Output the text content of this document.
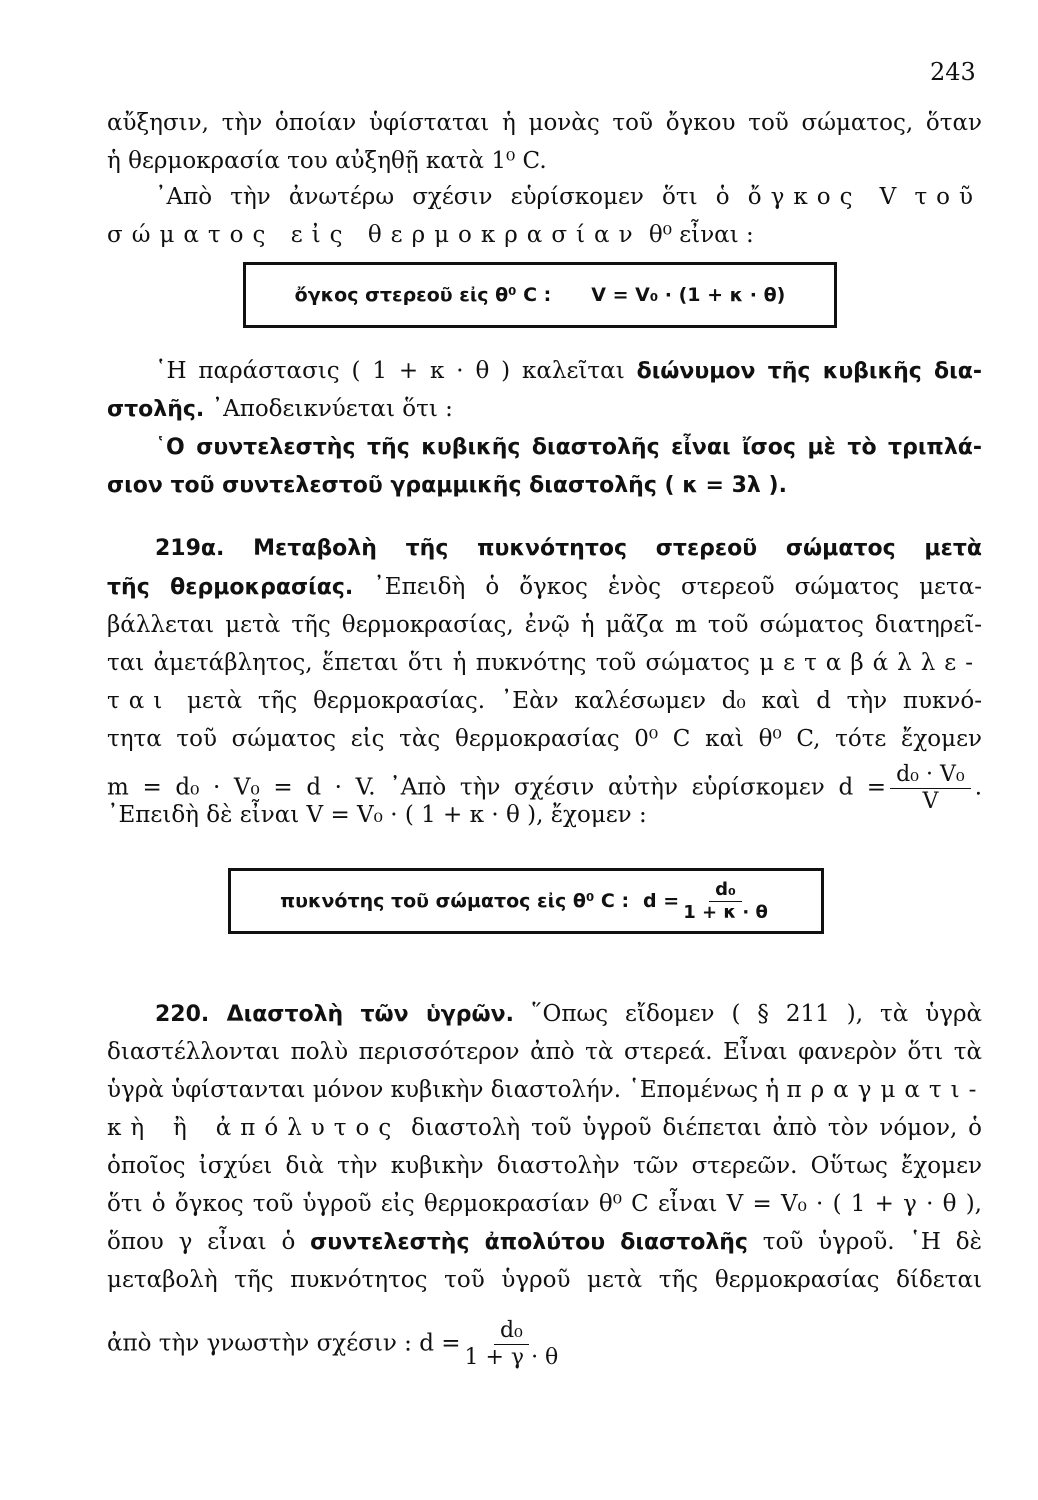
243
ὄγκος στερεοῦ εἰς θ⁰ C : V = V₀ · (1 + κ · θ)
πυκνότης τοῦ σώματος εἰς θ⁰ C : $d = \frac{\text{d₀}}{1 + \kappa \cdot \theta}$
αὔξησιν, τὴν ὁποίαν ὑφίσταται ἡ μονὰς τοῦ ὄγκου τοῦ σώματος, ὅταν
ἡ θερμοκρασία του αὐξηθῇ κατὰ 1⁰ C.
᾿Απὸ τὴν ἀνωτέρω σχέσιν εὑρίσκομεν ὅτι ὁ ὄγκος V τοῦ
σώματος εἰς θερμοκρασίαν θ⁰ εἶναι :
῾Η παράστασις ( 1 + κ · θ ) καλεῖται διώνυμον τῆς κυβικῆς δια-
στολῆς. ᾿Αποδεικνύεται ὅτι :
῾Ο συντελεστὴς τῆς κυβικῆς διαστολῆς εἶναι ἴσος μὲ τὸ τριπλά-
σιον τοῦ συντελεστοῦ γραμμικῆς διαστολῆς ( κ = 3λ ).
219α. Μεταβολὴ τῆς πυκνότητος στερεοῦ σώματος μετὰ
τῆς θερμοκρασίας. ᾿Επειδὴ ὁ ὄγκος ἑνὸς στερεοῦ σώματος μετα-
βάλλεται μετὰ τῆς θερμοκρασίας, ἐνῷ ἡ μᾶζα m τοῦ σώματος διατηρεῖ-
ται ἀμετάβλητος, ἕπεται ὅτι ἡ πυκνότης τοῦ σώματος μεταβάλλε-
ται μετὰ τῆς θερμοκρασίας. ᾿Εὰν καλέσωμεν d₀ καὶ d τὴν πυκνό-
τητα τοῦ σώματος εἰς τὰς θερμοκρασίας 0⁰ C καὶ θ⁰ C, τότε ἔχομεν
m = d₀ · V₀ = d · V. ᾿Απὸ τὴν σχέσιν αὐτὴν εὑρίσκομεν $d = \frac{\text{d₀ · V₀}}{V}$ .
᾿Επειδὴ δὲ εἶναι V = V₀ · ( 1 + κ · θ ), ἔχομεν :
220. Διαστολὴ τῶν ὑγρῶν. ῞Οπως εἴδομεν ( § 211 ), τὰ ὑγρὰ
διαστέλλονται πολὺ περισσότερον ἀπὸ τὰ στερεά. Εἶναι φανερὸν ὅτι τὰ
ὑγρὰ ὑφίστανται μόνον κυβικὴν διαστολήν. ῾Επομένως ἡ πραγματι-
κὴ ἢ ἀπόλυτος διαστολὴ τοῦ ὑγροῦ διέπεται ἀπὸ τὸν νόμον, ὁ
ὁποῖος ἰσχύει διὰ τὴν κυβικὴν διαστολὴν τῶν στερεῶν. Οὕτως ἔχομεν
ὅτι ὁ ὄγκος τοῦ ὑγροῦ εἰς θερμοκρασίαν θ⁰ C εἶναι V = V₀ · ( 1 + γ · θ ),
ὅπου γ εἶναι ὁ συντελεστὴς ἀπολύτου διαστολῆς τοῦ ὑγροῦ. ῾Η δὲ
μεταβολὴ τῆς πυκνότητος τοῦ ὑγροῦ μετὰ τῆς θερμοκρασίας δίδεται
ἀπὸ τὴν γνωστὴν σχέσιν : $d = \frac{\text{d₀}}{1 + \gamma \cdot \theta}$
